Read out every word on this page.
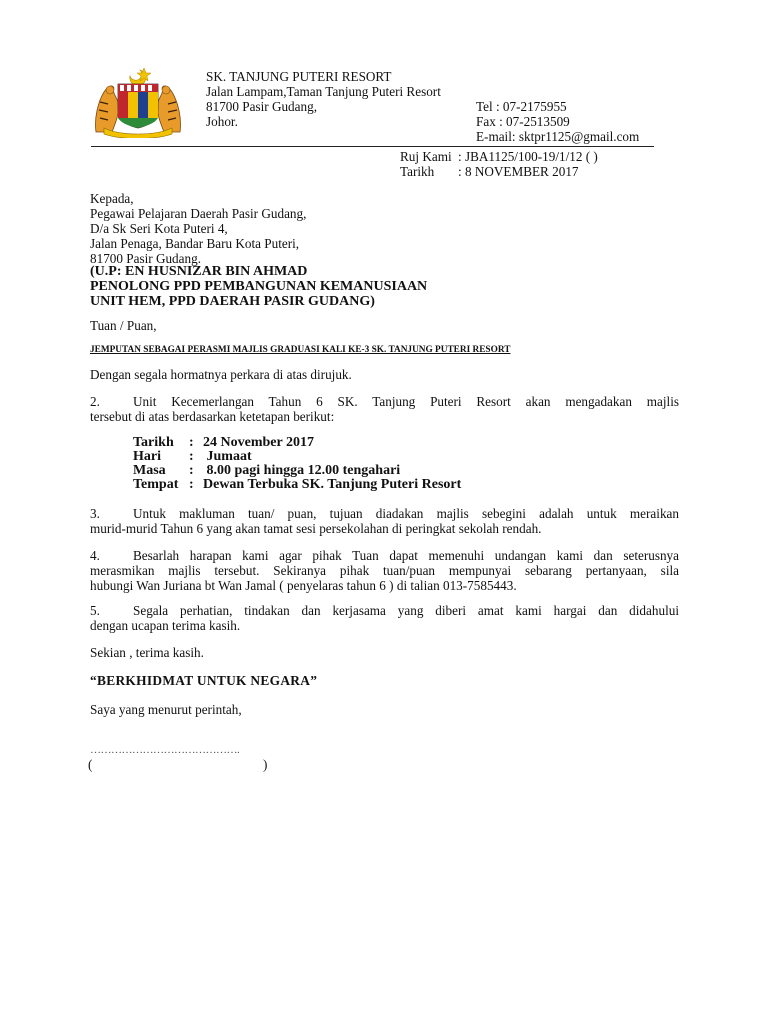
SK. TANJUNG PUTERI RESORT
Jalan Lampam,Taman Tanjung Puteri Resort
81700 Pasir Gudang,
Johor.
Tel : 07-2175955
Fax : 07-2513509
E-mail: sktpr1125@gmail.com
Ruj Kami : JBA1125/100-19/1/12 ( )
Tarikh : 8 NOVEMBER 2017
Kepada,
Pegawai Pelajaran Daerah Pasir Gudang,
D/a Sk Seri Kota Puteri 4,
Jalan Penaga, Bandar Baru Kota Puteri,
81700 Pasir Gudang.
(U.P: EN HUSNIZAR BIN AHMAD
PENOLONG PPD PEMBANGUNAN KEMANUSIAAN
UNIT HEM, PPD DAERAH PASIR GUDANG)
Tuan / Puan,
JEMPUTAN SEBAGAI PERASMI MAJLIS GRADUASI KALI KE-3 SK. TANJUNG PUTERI RESORT
Dengan segala hormatnya perkara di atas dirujuk.
2.	Unit Kecemerlangan Tahun 6 SK. Tanjung Puteri Resort akan mengadakan majlis
tersebut di atas berdasarkan ketetapan berikut:
Tarikh	: 24 November 2017
Hari	: Jumaat
Masa	: 8.00 pagi hingga 12.00 tengahari
Tempat : Dewan Terbuka SK. Tanjung Puteri Resort
3.	Untuk makluman tuan/ puan, tujuan diadakan majlis sebegini adalah untuk meraikan
murid-murid Tahun 6 yang akan tamat sesi persekolahan di peringkat sekolah rendah.
4.	Besarlah harapan kami agar pihak Tuan dapat memenuhi undangan kami dan seterusnya
merasmikan majlis tersebut. Sekiranya pihak tuan/puan mempunyai sebarang pertanyaan, sila
hubungi Wan Juriana bt Wan Jamal ( penyelaras tahun 6 ) di talian 013-7585443.
5.	Segala perhatian, tindakan dan kerjasama yang diberi amat kami hargai dan didahului
dengan ucapan terima kasih.
Sekian , terima kasih.
“BERKHIDMAT UNTUK NEGARA”
Saya yang menurut perintah,
…………………………………….
(	)
